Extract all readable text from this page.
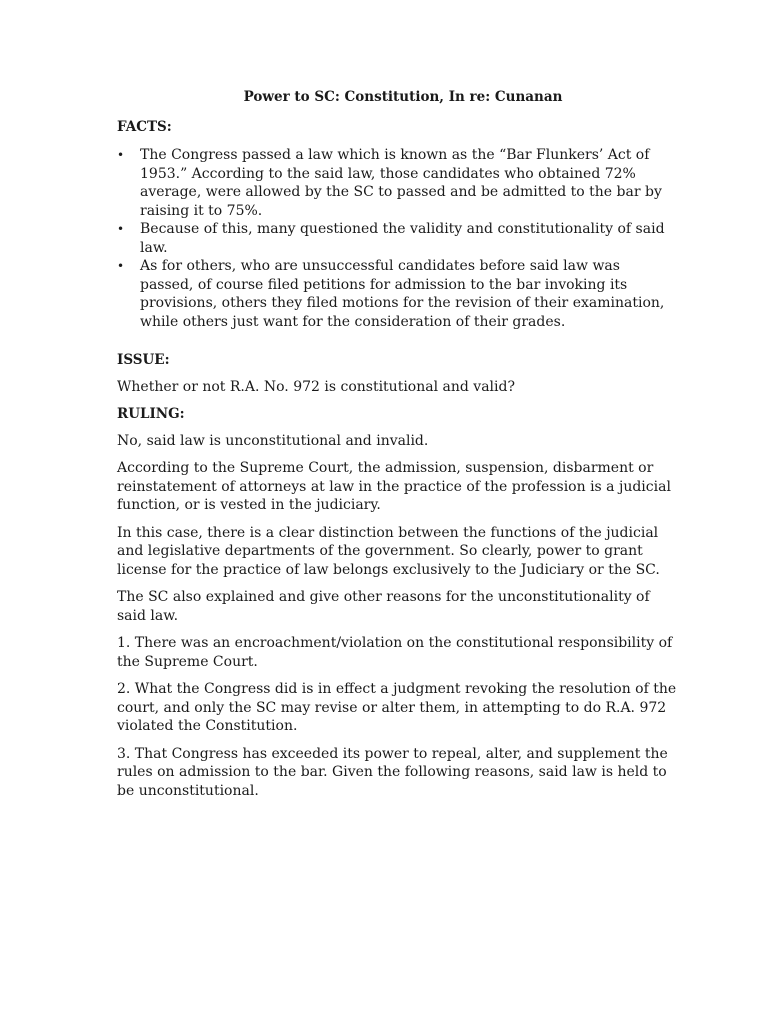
Power to SC: Constitution, In re: Cunanan
FACTS:
• The Congress passed a law which is known as the “Bar Flunkers’ Act of 1953.” According to the said law, those candidates who obtained 72% average, were allowed by the SC to passed and be admitted to the bar by raising it to 75%.
• Because of this, many questioned the validity and constitutionality of said law.
• As for others, who are unsuccessful candidates before said law was passed, of course filed petitions for admission to the bar invoking its provisions, others they filed motions for the revision of their examination, while others just want for the consideration of their grades.
ISSUE:

Whether or not R.A. No. 972 is constitutional and valid?

RULING:

No, said law is unconstitutional and invalid.

According to the Supreme Court, the admission, suspension, disbarment or reinstatement of attorneys at law in the practice of the profession is a judicial function, or is vested in the judiciary.

In this case, there is a clear distinction between the functions of the judicial and legislative departments of the government. So clearly, power to grant license for the practice of law belongs exclusively to the Judiciary or the SC.

The SC also explained and give other reasons for the unconstitutionality of said law.

1. There was an encroachment/violation on the constitutional responsibility of the Supreme Court.

2. What the Congress did is in effect a judgment revoking the resolution of the court, and only the SC may revise or alter them, in attempting to do R.A. 972 violated the Constitution.

3. That Congress has exceeded its power to repeal, alter, and supplement the rules on admission to the bar. Given the following reasons, said law is held to be unconstitutional.
